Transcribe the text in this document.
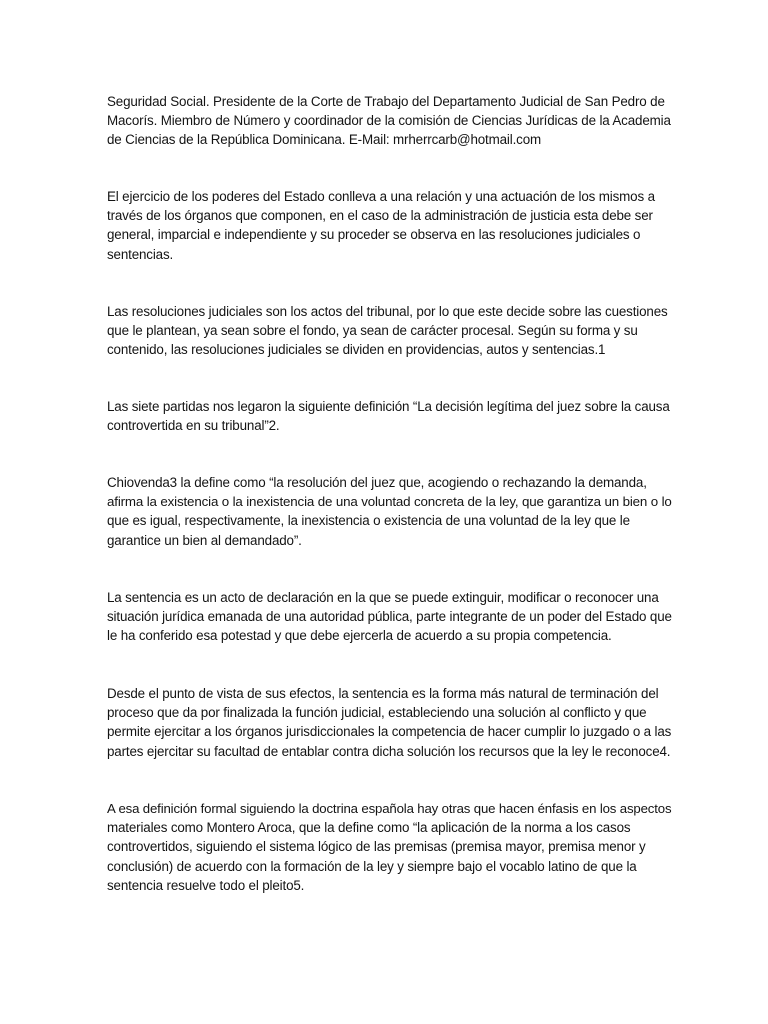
Seguridad Social. Presidente de la Corte de Trabajo del Departamento Judicial de San Pedro de
Macorís. Miembro de Número y coordinador de la comisión de Ciencias Jurídicas de la Academia
de Ciencias de la República Dominicana. E-Mail: mrherrcarb@hotmail.com

El ejercicio de los poderes del Estado conlleva a una relación y una actuación de los mismos a
través de los órganos que componen, en el caso de la administración de justicia esta debe ser
general, imparcial e independiente y su proceder se observa en las resoluciones judiciales o
sentencias.

Las resoluciones judiciales son los actos del tribunal, por lo que este decide sobre las cuestiones
que le plantean, ya sean sobre el fondo, ya sean de carácter procesal. Según su forma y su
contenido, las resoluciones judiciales se dividen en providencias, autos y sentencias.1

Las siete partidas nos legaron la siguiente definición “La decisión legítima del juez sobre la causa
controvertida en su tribunal”2.

Chiovenda3 la define como “la resolución del juez que, acogiendo o rechazando la demanda,
afirma la existencia o la inexistencia de una voluntad concreta de la ley, que garantiza un bien o lo
que es igual, respectivamente, la inexistencia o existencia de una voluntad de la ley que le
garantice un bien al demandado”.

La sentencia es un acto de declaración en la que se puede extinguir, modificar o reconocer una
situación jurídica emanada de una autoridad pública, parte integrante de un poder del Estado que
le ha conferido esa potestad y que debe ejercerla de acuerdo a su propia competencia.

Desde el punto de vista de sus efectos, la sentencia es la forma más natural de terminación del
proceso que da por finalizada la función judicial, estableciendo una solución al conflicto y que
permite ejercitar a los órganos jurisdiccionales la competencia de hacer cumplir lo juzgado o a las
partes ejercitar su facultad de entablar contra dicha solución los recursos que la ley le reconoce4.

A esa definición formal siguiendo la doctrina española hay otras que hacen énfasis en los aspectos
materiales como Montero Aroca, que la define como “la aplicación de la norma a los casos
controvertidos, siguiendo el sistema lógico de las premisas (premisa mayor, premisa menor y
conclusión) de acuerdo con la formación de la ley y siempre bajo el vocablo latino de que la
sentencia resuelve todo el pleito5.
